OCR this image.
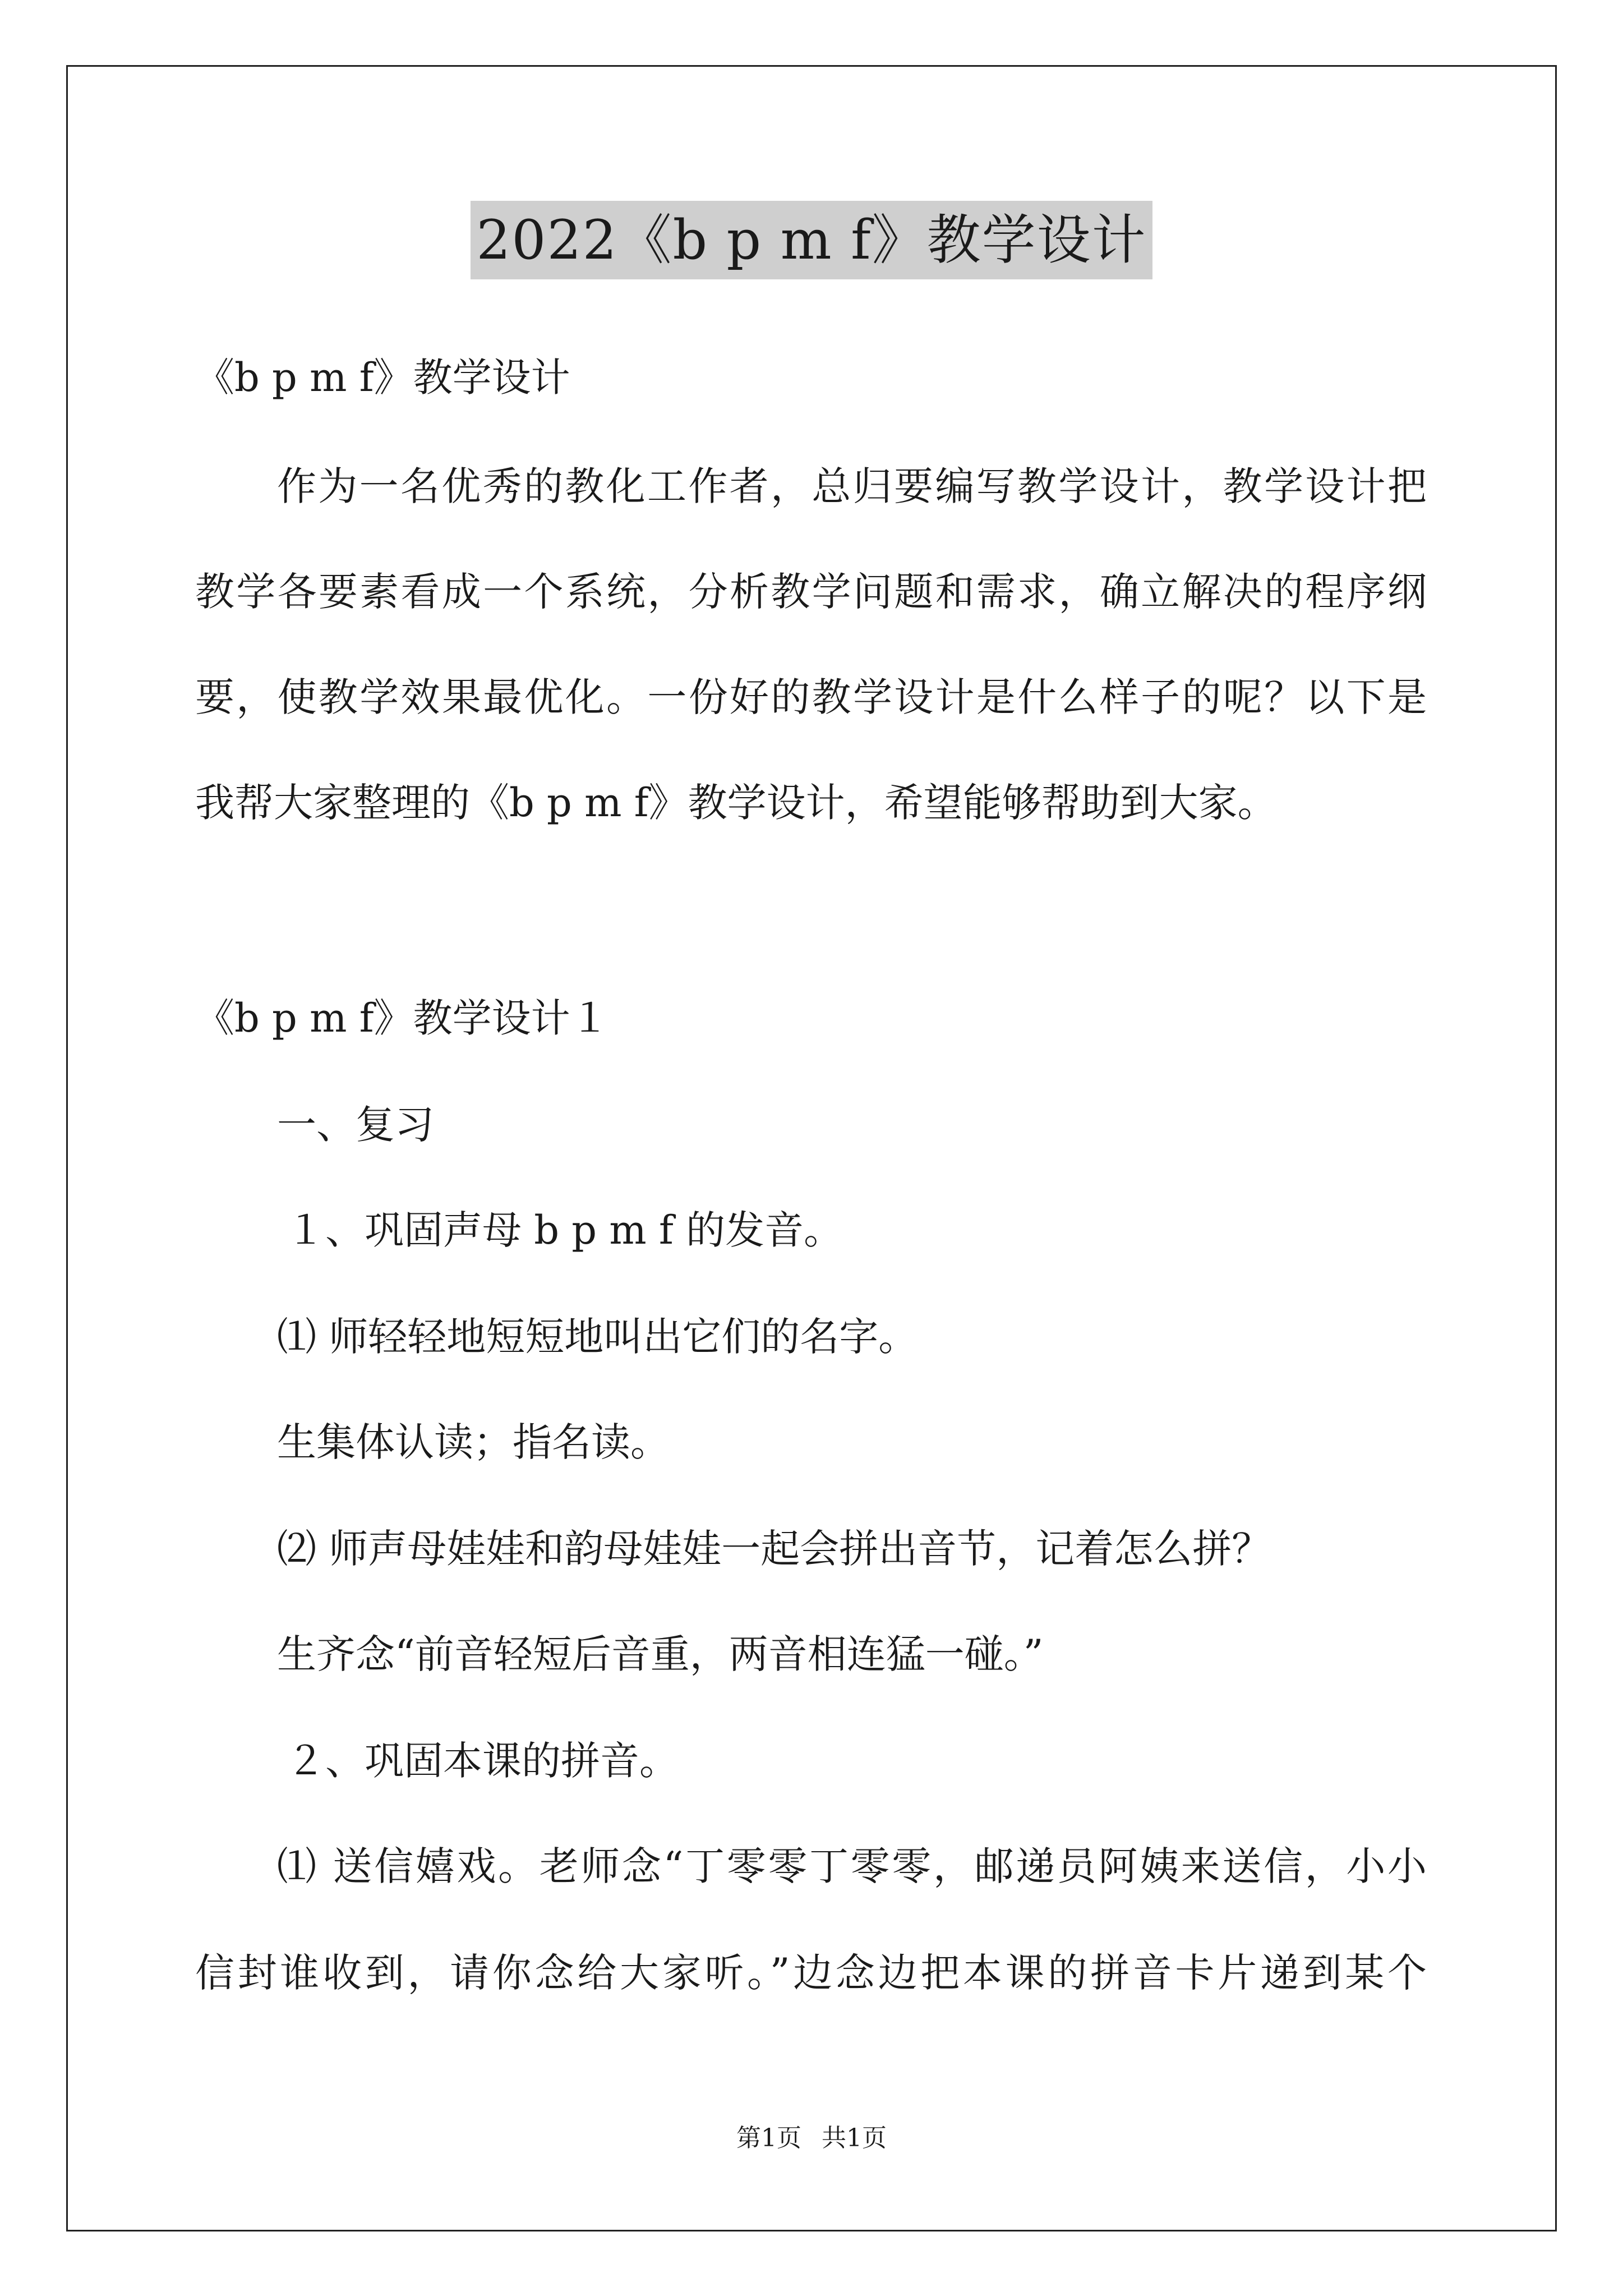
2022《b p m f》教学设计

《b p m f》教学设计

作为一名优秀的教化工作者，总归要编写教学设计，教学设计把

教学各要素看成一个系统，分析教学问题和需求，确立解决的程序纲

要，使教学效果最优化。一份好的教学设计是什么样子的呢？以下是

我帮大家整理的《b p m f》教学设计，希望能够帮助到大家。

《b p m f》教学设计１

一、复习

１、巩固声母 b p m f 的发音。

⑴ 师轻轻地短短地叫出它们的名字。

生集体认读；指名读。

⑵ 师声母娃娃和韵母娃娃一起会拼出音节，记着怎么拼？

生齐念“前音轻短后音重，两音相连猛一碰。”

２、巩固本课的拼音。

⑴ 送信嬉戏。老师念“丁零零丁零零，邮递员阿姨来送信，小小

信封谁收到，请你念给大家听。”边念边把本课的拼音卡片递到某个

第1页 共1页
